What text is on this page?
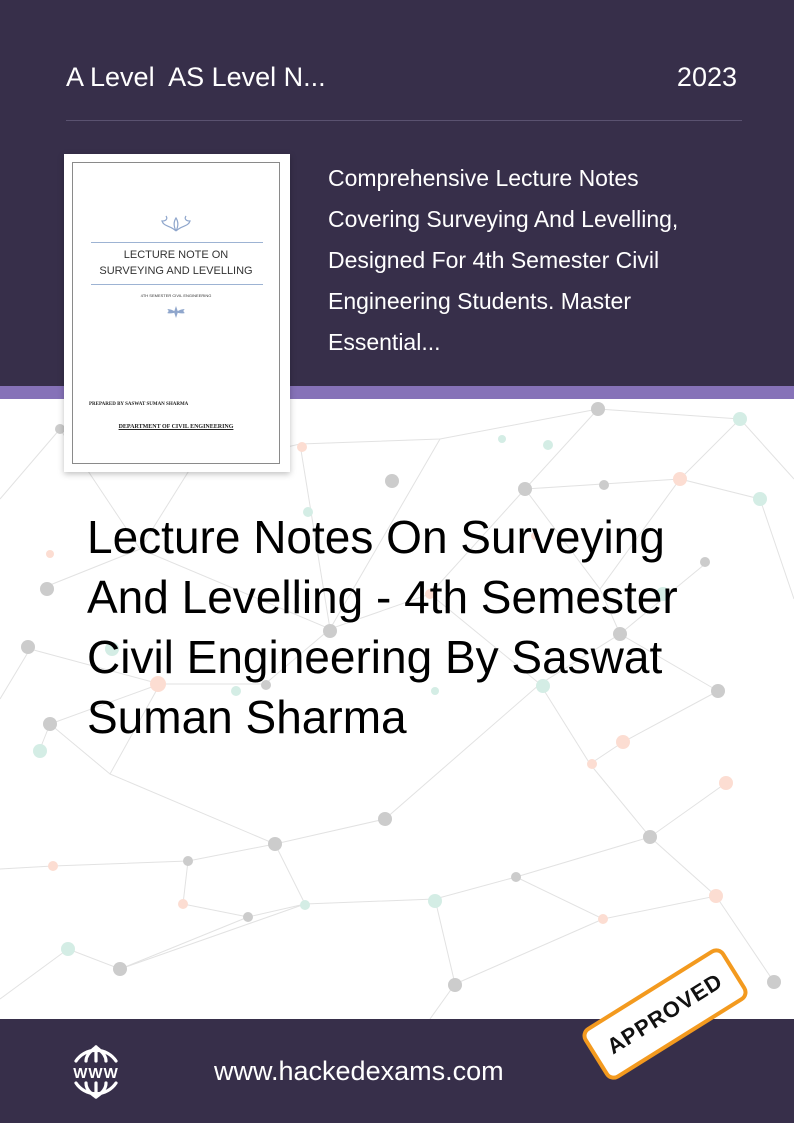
A Level  AS Level N...	2023
Comprehensive Lecture Notes Covering Surveying And Levelling, Designed For 4th Semester Civil Engineering Students. Master Essential...
LECTURE NOTE ON
SURVEYING AND LEVELLING
4TH SEMESTER CIVIL ENGINEERING
PREPARED BY SASWAT SUMAN SHARMA
DEPARTMENT OF CIVIL ENGINEERING
Lecture Notes On Surveying And Levelling - 4th Semester Civil Engineering By Saswat Suman Sharma
WWW	www.hackedexams.com
APPROVED
